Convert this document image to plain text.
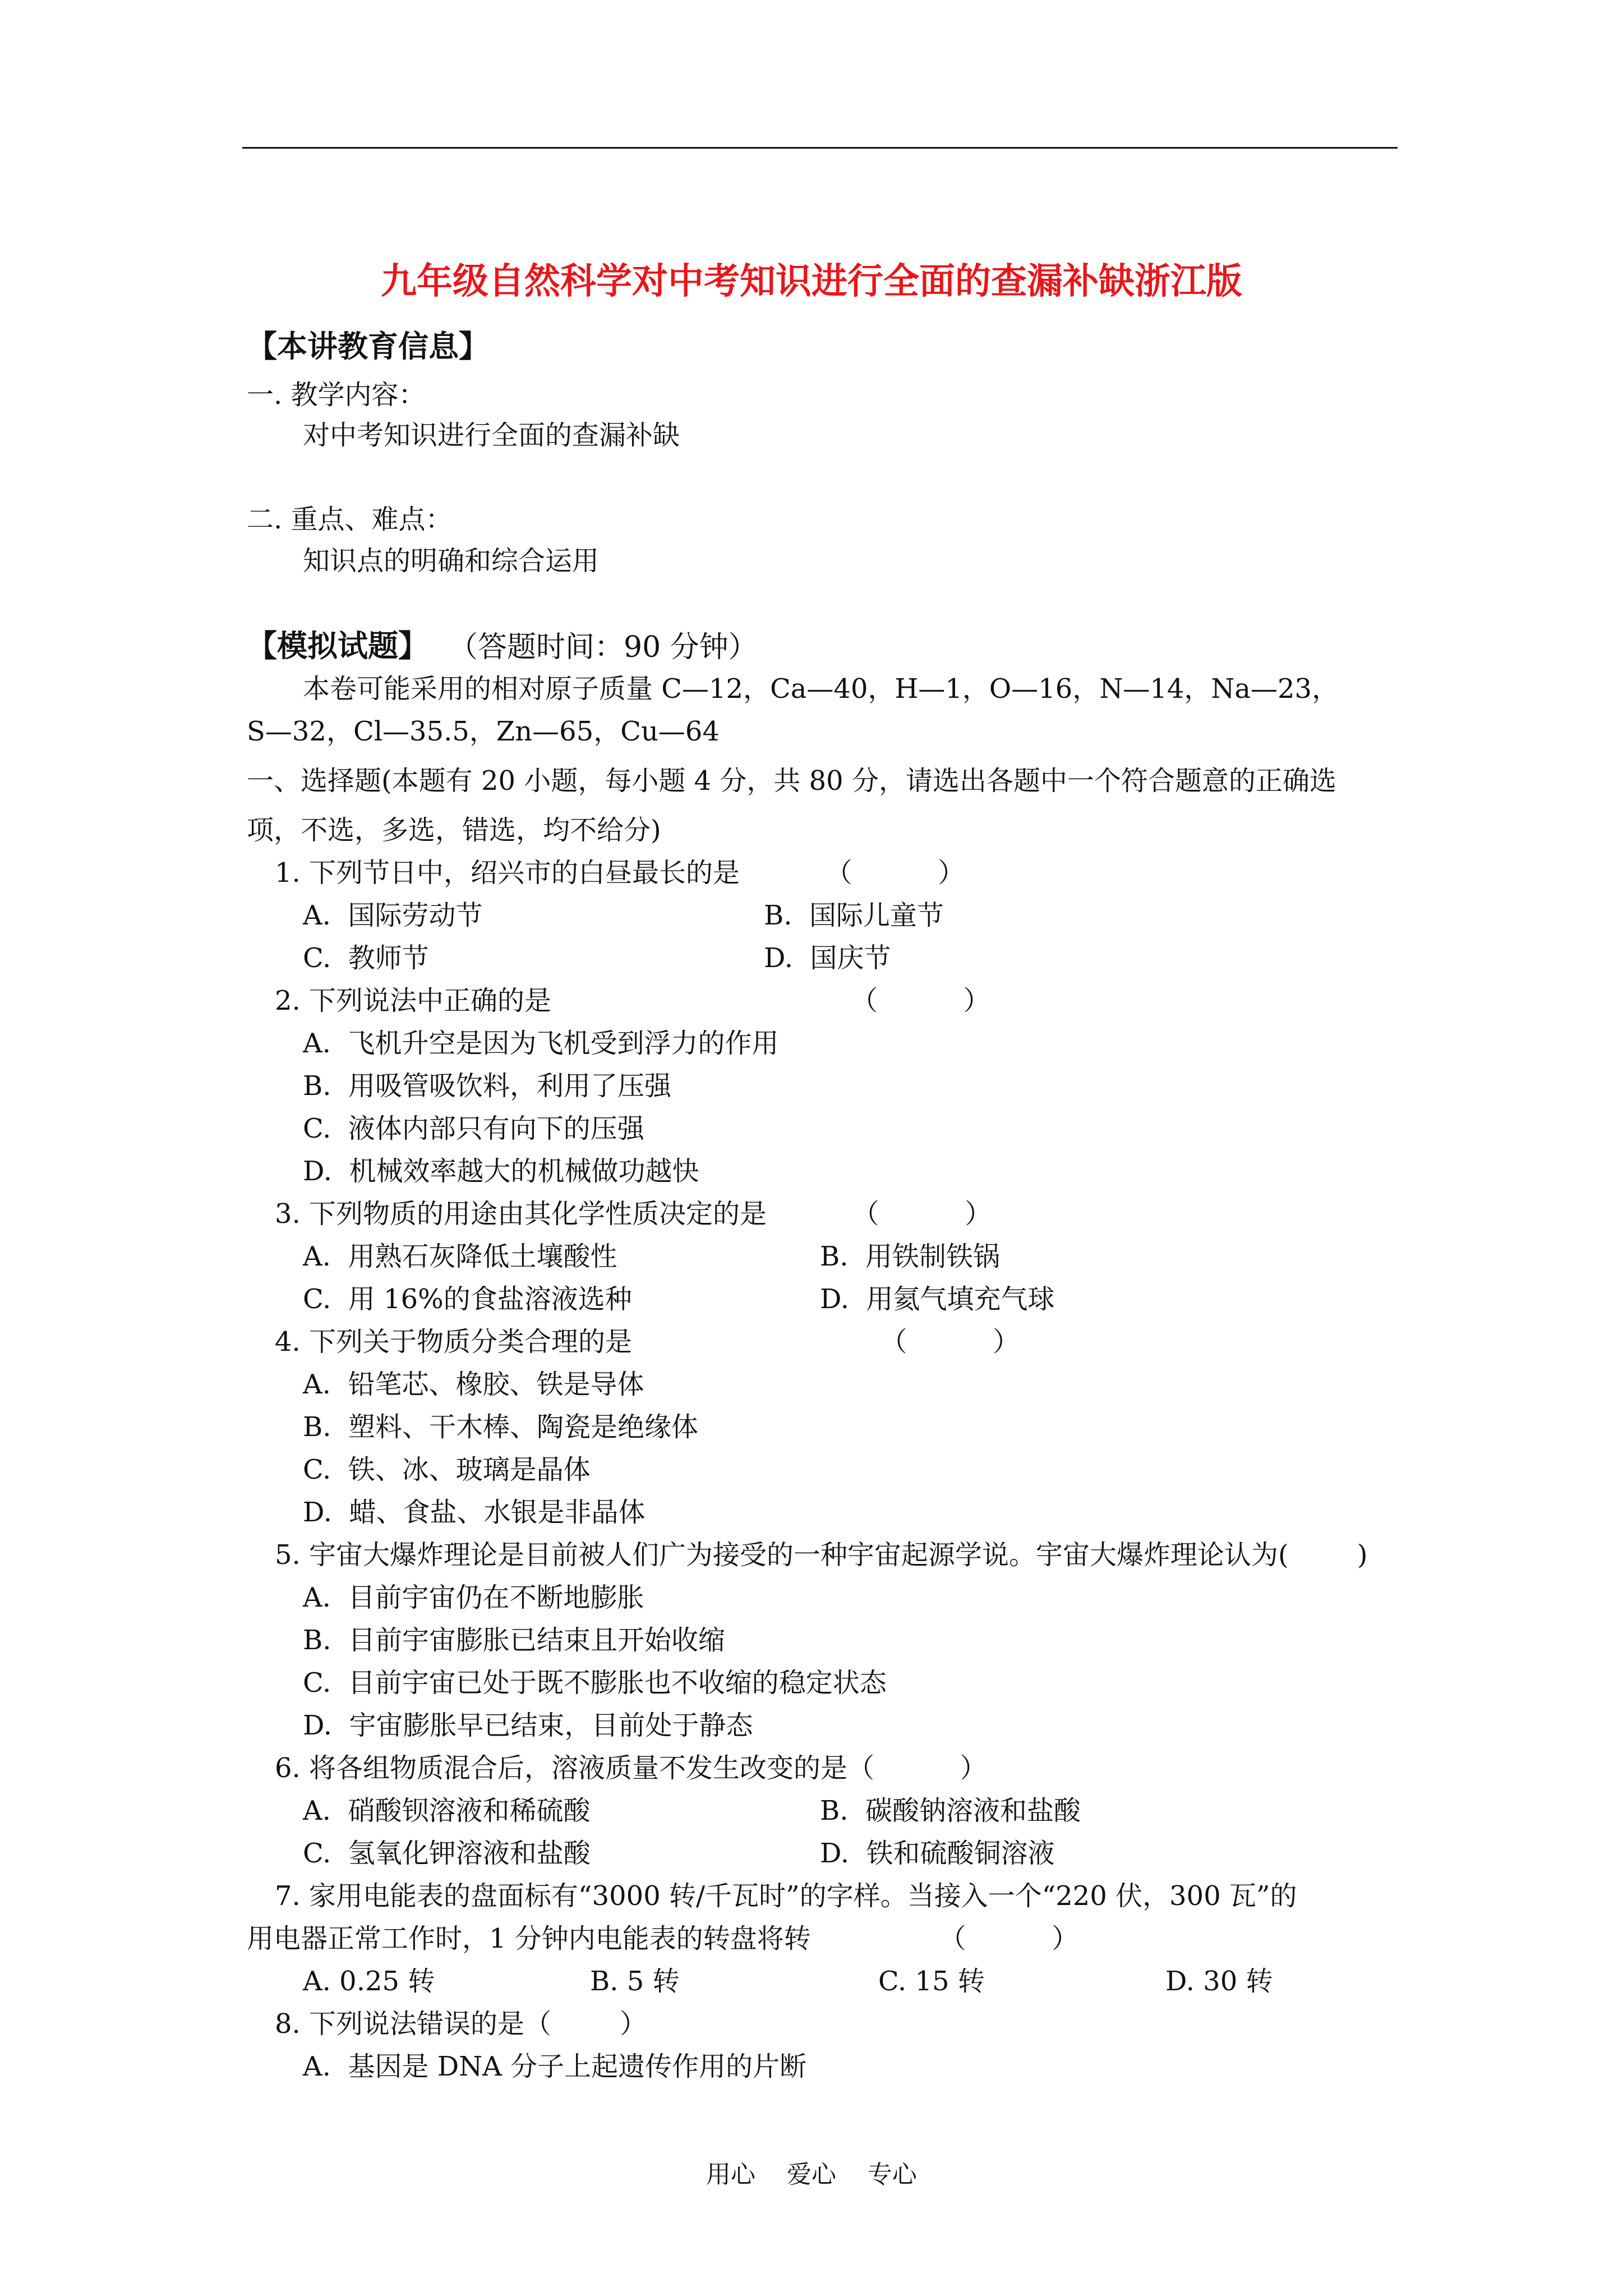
九年级自然科学对中考知识进行全面的查漏补缺浙江版
【本讲教育信息】
一. 教学内容：
对中考知识进行全面的查漏补缺
二. 重点、难点：
知识点的明确和综合运用
【模拟试题】 （答题时间：90 分钟）
本卷可能采用的相对原子质量 C—12，Ca—40，H—1，O—16，N—14，Na—23，
S—32，Cl—35.5，Zn—65，Cu—64
一、选择题(本题有 20 小题，每小题 4 分，共 80 分，请选出各题中一个符合题意的正确选
项，不选，多选，错选，均不给分)
1. 下列节日中，绍兴市的白昼最长的是          （          ）
A.  国际劳动节	B.  国际儿童节
C.  教师节	D.  国庆节
2. 下列说法中正确的是                                   （          ）
A.  飞机升空是因为飞机受到浮力的作用
B.  用吸管吸饮料，利用了压强
C.  液体内部只有向下的压强
D.  机械效率越大的机械做功越快
3. 下列物质的用途由其化学性质决定的是          （          ）
A.  用熟石灰降低土壤酸性	B.  用铁制铁锅
C.  用 16%的食盐溶液选种	D.  用氦气填充气球
4. 下列关于物质分类合理的是                             （          ）
A.  铅笔芯、橡胶、铁是导体
B.  塑料、干木棒、陶瓷是绝缘体
C.  铁、冰、玻璃是晶体
D.  蜡、食盐、水银是非晶体
5. 宇宙大爆炸理论是目前被人们广为接受的一种宇宙起源学说。宇宙大爆炸理论认为(        )
A.  目前宇宙仍在不断地膨胀
B.  目前宇宙膨胀已结束且开始收缩
C.  目前宇宙已处于既不膨胀也不收缩的稳定状态
D.  宇宙膨胀早已结束，目前处于静态
6. 将各组物质混合后，溶液质量不发生改变的是（          ）
A.  硝酸钡溶液和稀硫酸	B.  碳酸钠溶液和盐酸
C.  氢氧化钾溶液和盐酸	D.  铁和硫酸铜溶液
7. 家用电能表的盘面标有“3000 转/千瓦时”的字样。当接入一个“220 伏，300 瓦”的
用电器正常工作时，1 分钟内电能表的转盘将转               （          ）
A. 0.25 转	B. 5 转	C. 15 转	D. 30 转
8. 下列说法错误的是（        ）
A.  基因是 DNA 分子上起遗传作用的片断
用心    爱心    专心
